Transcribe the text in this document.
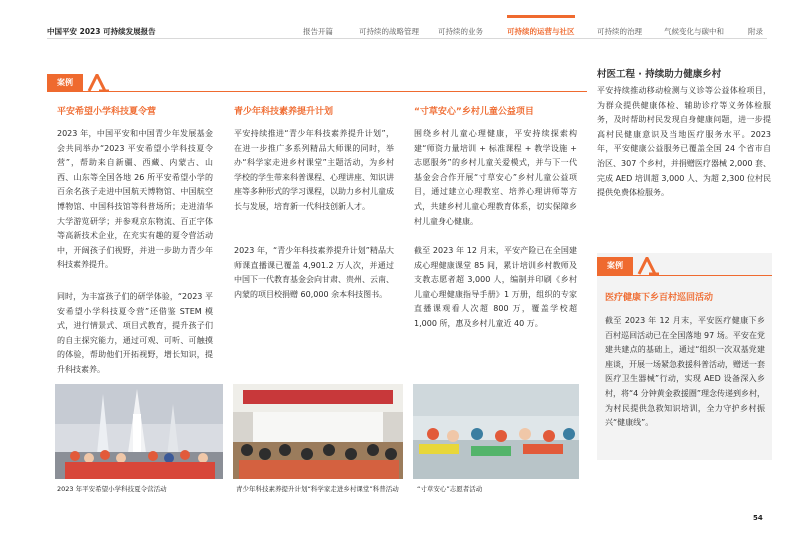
中国平安 2023 可持续发展报告	报告开篇	可持续的战略管理	可持续的业务	可持续的运营与社区	可持续的治理	气候变化与碳中和	附录
案例
平安希望小学科技夏令营
2023 年，中国平安和中国青少年发展基金会共同举办“2023 平安希望小学科技夏令营”，帮助来自新疆、西藏、内蒙古、山西、山东等全国各地 26 所平安希望小学的百余名孩子走进中国航天博物馆、中国航空博物馆、中国科技馆等科普场所；走进清华大学游览研学；并参观京东物流、百正字体等高新技术企业，在充实有趣的夏令营活动中，开阔孩子们视野，并进一步助力青少年科技素养提升。
同时，为丰富孩子们的研学体验，“2023 平安希望小学科技夏令营”还借鉴 STEM 模式，进行情景式、项目式教育，提升孩子们的自主探究能力，通过可观、可听、可触摸的体验，帮助他们开拓视野，增长知识，提升科技素养。
青少年科技素养提升计划
平安持续推进“青少年科技素养提升计划”，在进一步推广多系列精品大师课的同时，举办“科学家走进乡村课堂”主题活动，为乡村学校的学生带来科普课程、心理讲座、知识讲座等多种形式的学习课程，以助力乡村儿童成长与发展，培育新一代科技创新人才。
2023 年，“青少年科技素养提升计划”精品大师课直播课已覆盖 4,901.2 万人次，并通过中国下一代教育基金会向甘肃、贵州、云南、内蒙的项目校捐赠 60,000 余本科技图书。
“寸草安心”乡村儿童公益项目
围绕乡村儿童心理健康，平安持续探索构建“师资力量培训 + 标准课程 + 教学设施 + 志愿服务”的乡村儿童关爱模式，并与下一代基金会合作开展“寸草安心”乡村儿童公益项目，通过建立心理教室、培养心理讲师等方式，共建乡村儿童心理教育体系，切实保障乡村儿童身心健康。
截至 2023 年 12 月末，平安产险已在全国建成心理健康课堂 85 间，累计培训乡村教师及支教志愿者超 3,000 人，编制并印刷《乡村儿童心理健康指导手册》1 万册，组织的专家直播课观看人次超 800 万，覆盖学校超 1,000 所，惠及乡村儿童近 40 万。
2023 年平安希望小学科技夏令营活动	青少年科技素养提升计划“科学家走进乡村课堂”科普活动	“寸草安心”志愿者活动
村医工程 · 持续助力健康乡村
平安持续推动移动检测与义诊等公益体检项目，为群众提供健康体检、辅助诊疗等义务体检服务，及时帮助村民发现自身健康问题，进一步提高村民健康意识及当地医疗服务水平。2023 年，平安健康公益服务已覆盖全国 24 个省市自治区、307 个乡村，并捐赠医疗器械 2,000 套、完成 AED 培训超 3,000 人、为超 2,300 位村民提供免费体检服务。
案例
医疗健康下乡百村巡回活动
截至 2023 年 12 月末，平安医疗健康下乡百村巡回活动已在全国落地 97 场。平安在党建共建点的基础上，通过“组织一次双基党建座谈，开展一场紧急救援科普活动，赠送一套医疗卫生器械”行动，实现 AED 设备深入乡村，将“4 分钟黄金救援圈”理念传递到乡村，为村民提供急救知识培训，全力守护乡村振兴“健康线”。
54
